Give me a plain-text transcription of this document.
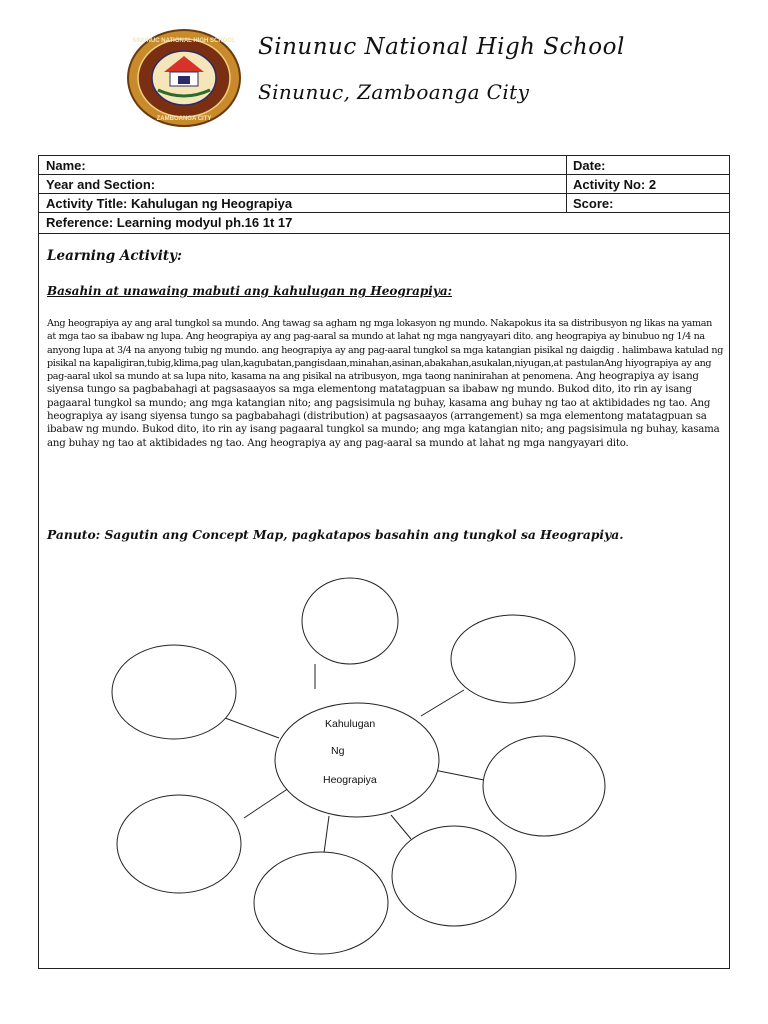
SINUNUC NATIONAL HIGH SCHOOL
ZAMBOANGA CITY
Sinunuc National High School
Sinunuc, Zamboanga City
Name:	Date:
Year and Section:	Activity No: 2
Activity Title: Kahulugan ng Heograpiya	Score:
Reference: Learning modyul ph.16 1t 17
Learning Activity:
Basahin at unawaing mabuti ang kahulugan ng Heograpiya:
Ang heograpiya ay ang aral tungkol sa mundo. Ang tawag sa agham ng mga lokasyon ng mundo. Nakapokus ita sa distribusyon ng likas na yaman at mga tao sa ibabaw ng lupa. Ang heograpiya ay ang pag-aaral sa mundo at lahat ng mga nangyayari dito. ang heograpiya ay binubuo ng 1/4 na anyong lupa at 3/4 na anyong tubig ng mundo. ang heograpiya ay ang pag-aaral tungkol sa mga katangian pisikal ng daigdig . halimbawa katulad ng pisikal na kapaligiran,tubig,klima,pag ulan,kagubatan,pangisdaan,minahan,asinan,abakahan,asukalan,niyugan,at pastulanAng hiyograpiya ay ang pag-aaral ukol sa mundo at sa lupa nito, kasama na ang pisikal na atribusyon, mga taong naninirahan at penomena. Ang heograpiya ay isang siyensa tungo sa pagbabahagi at pagsasaayos sa mga elementong matatagpuan sa ibabaw ng mundo. Bukod dito, ito rin ay isang pagaaral tungkol sa mundo; ang mga katangian nito; ang pagsisimula ng buhay, kasama ang buhay ng tao at aktibidades ng tao. Ang heograpiya ay isang siyensa tungo sa pagbabahagi (distribution) at pagsasaayos (arrangement) sa mga elementong matatagpuan sa ibabaw ng mundo. Bukod dito, ito rin ay isang pagaaral tungkol sa mundo; ang mga katangian nito; ang pagsisimula ng buhay, kasama ang buhay ng tao at aktibidades ng tao. Ang heograpiya ay ang pag-aaral sa mundo at lahat ng mga nangyayari dito.
Panuto: Sagutin ang Concept Map, pagkatapos basahin ang tungkol sa Heograpiya.
Kahulugan
Ng
Heograpiya
